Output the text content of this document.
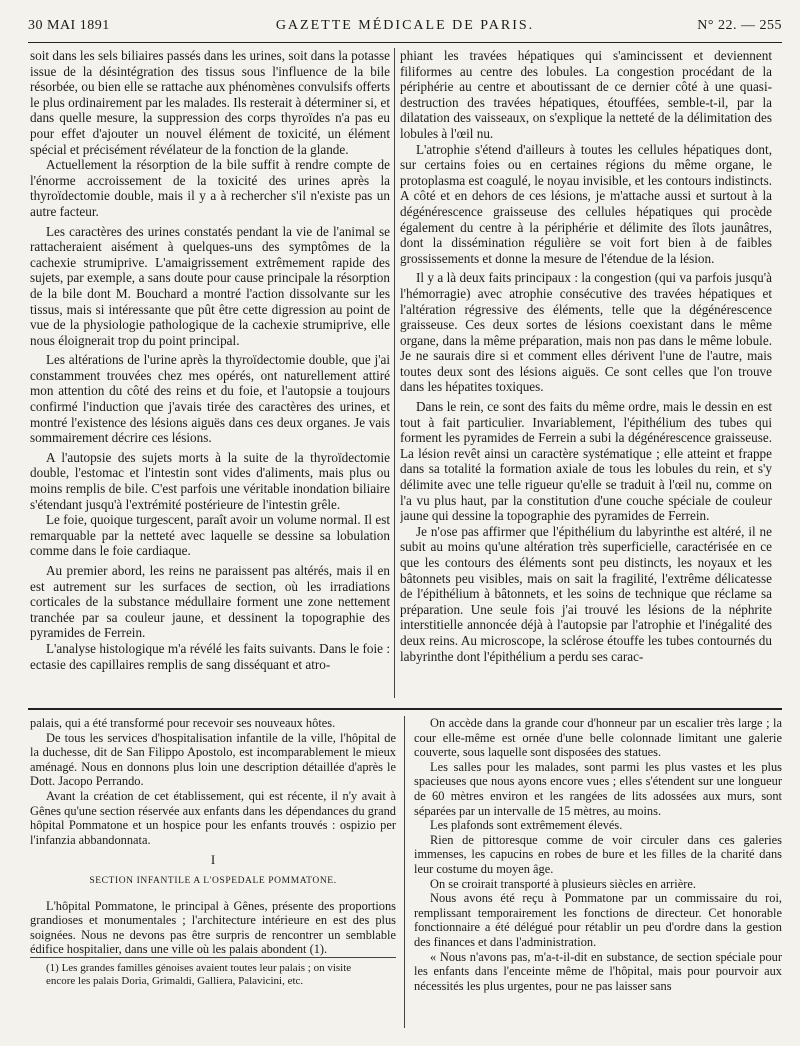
30 MAI 1891	GAZETTE MÉDICALE DE PARIS.	N° 22. — 255

soit dans les sels biliaires passés dans les urines, soit dans la potasse issue de la désintégration des tissus sous l'influence de la bile résorbée, ou bien elle se rattache aux phénomènes convulsifs offerts le plus ordinairement par les malades. Ils resterait à déterminer si, et dans quelle mesure, la suppression des corps thyroïdes n'a pas eu pour effet d'ajouter un nouvel élément de toxicité, un élément spécial et précisément révélateur de la fonction de la glande.

Actuellement la résorption de la bile suffit à rendre compte de l'énorme accroissement de la toxicité des urines après la thyroïdectomie double, mais il y a à rechercher s'il n'existe pas un autre facteur.

Les caractères des urines constatés pendant la vie de l'animal se rattacheraient aisément à quelques-uns des symptômes de la cachexie strumiprive. L'amaigrissement extrêmement rapide des sujets, par exemple, a sans doute pour cause principale la résorption de la bile dont M. Bouchard a montré l'action dissolvante sur les tissus, mais si intéressante que pût être cette digression au point de vue de la physiologie pathologique de la cachexie strumiprive, elle nous éloignerait trop du point principal.

Les altérations de l'urine après la thyroïdectomie double, que j'ai constamment trouvées chez mes opérés, ont naturellement attiré mon attention du côté des reins et du foie, et l'autopsie a toujours confirmé l'induction que j'avais tirée des caractères des urines, et montré l'existence des lésions aiguës dans ces deux organes. Je vais sommairement décrire ces lésions.

A l'autopsie des sujets morts à la suite de la thyroïdectomie double, l'estomac et l'intestin sont vides d'aliments, mais plus ou moins remplis de bile. C'est parfois une véritable inondation biliaire s'étendant jusqu'à l'extrémité postérieure de l'intestin grêle.

Le foie, quoique turgescent, paraît avoir un volume normal. Il est remarquable par la netteté avec laquelle se dessine sa lobulation comme dans le foie cardiaque.

Au premier abord, les reins ne paraissent pas altérés, mais il en est autrement sur les surfaces de section, où les irradiations corticales de la substance médullaire forment une zone nettement tranchée par sa couleur jaune, et dessinent la topographie des pyramides de Ferrein.

L'analyse histologique m'a révélé les faits suivants. Dans le foie : ectasie des capillaires remplis de sang disséquant et atro-

phiant les travées hépatiques qui s'amincissent et deviennent filiformes au centre des lobules. La congestion procédant de la périphérie au centre et aboutissant de ce dernier côté à une quasi-destruction des travées hépatiques, étouffées, semble-t-il, par la dilatation des vaisseaux, on s'explique la netteté de la délimitation des lobules à l'œil nu.

L'atrophie s'étend d'ailleurs à toutes les cellules hépatiques dont, sur certains foies ou en certaines régions du même organe, le protoplasma est coagulé, le noyau invisible, et les contours indistincts. A côté et en dehors de ces lésions, je m'attache aussi et surtout à la dégénérescence graisseuse des cellules hépatiques qui procède également du centre à la périphérie et délimite des îlots jaunâtres, dont la dissémination régulière se voit fort bien à de faibles grossissements et donne la mesure de l'étendue de la lésion.

Il y a là deux faits principaux : la congestion (qui va parfois jusqu'à l'hémorragie) avec atrophie consécutive des travées hépatiques et l'altération régressive des éléments, telle que la dégénérescence graisseuse. Ces deux sortes de lésions coexistant dans le même organe, dans la même préparation, mais non pas dans le même lobule. Je ne saurais dire si et comment elles dérivent l'une de l'autre, mais toutes deux sont des lésions aiguës. Ce sont celles que l'on trouve dans les hépatites toxiques.

Dans le rein, ce sont des faits du même ordre, mais le dessin en est tout à fait particulier. Invariablement, l'épithélium des tubes qui forment les pyramides de Ferrein a subi la dégénérescence graisseuse. La lésion revêt ainsi un caractère systématique ; elle atteint et frappe dans sa totalité la formation axiale de tous les lobules du rein, et s'y délimite avec une telle rigueur qu'elle se traduit à l'œil nu, comme on l'a vu plus haut, par la constitution d'une couche spéciale de couleur jaune qui dessine la topographie des pyramides de Ferrein.

Je n'ose pas affirmer que l'épithélium du labyrinthe est altéré, il ne subit au moins qu'une altération très superficielle, caractérisée en ce que les contours des éléments sont peu distincts, les noyaux et les bâtonnets peu visibles, mais on sait la fragilité, l'extrême délicatesse de l'épithélium à bâtonnets, et les soins de technique que réclame sa préparation. Une seule fois j'ai trouvé les lésions de la néphrite interstitielle annoncée déjà à l'autopsie par l'atrophie et l'inégalité des deux reins. Au microscope, la sclérose étouffe les tubes contournés du labyrinthe dont l'épithélium a perdu ses carac-

palais, qui a été transformé pour recevoir ses nouveaux hôtes.

De tous les services d'hospitalisation infantile de la ville, l'hôpital de la duchesse, dit de San Filippo Apostolo, est incomparablement le mieux aménagé. Nous en donnons plus loin une description détaillée d'après le Dott. Jacopo Perrando.

Avant la création de cet établissement, qui est récente, il n'y avait à Gênes qu'une section réservée aux enfants dans les dépendances du grand hôpital Pommatone et un hospice pour les enfants trouvés : ospizio per l'infanzia abbandonnata.

I
SECTION INFANTILE A L'OSPEDALE POMMATONE.

L'hôpital Pommatone, le principal à Gênes, présente des proportions grandioses et monumentales ; l'architecture intérieure en est des plus soignées. Nous ne devons pas être surpris de rencontrer un semblable édifice hospitalier, dans une ville où les palais abondent (1).

(1) Les grandes familles génoises avaient toutes leur palais ; on visite
encore les palais Doria, Grimaldi, Galliera, Palavicini, etc.

On accède dans la grande cour d'honneur par un escalier très large ; la cour elle-même est ornée d'une belle colonnade limitant une galerie couverte, sous laquelle sont disposées des statues.

Les salles pour les malades, sont parmi les plus vastes et les plus spacieuses que nous ayons encore vues ; elles s'étendent sur une longueur de 60 mètres environ et les rangées de lits adossées aux murs, sont séparées par un intervalle de 15 mètres, au moins.

Les plafonds sont extrêmement élevés.

Rien de pittoresque comme de voir circuler dans ces galeries immenses, les capucins en robes de bure et les filles de la charité dans leur costume du moyen âge.

On se croirait transporté à plusieurs siècles en arrière.

Nous avons été reçu à Pommatone par un commissaire du roi, remplissant temporairement les fonctions de directeur. Cet honorable fonctionnaire a été délégué pour rétablir un peu d'ordre dans la gestion des finances et dans l'administration.

« Nous n'avons pas, m'a-t-il-dit en substance, de section spéciale pour les enfants dans l'enceinte même de l'hôpital, mais pour pourvoir aux nécessités les plus urgentes, pour ne pas laisser sans
